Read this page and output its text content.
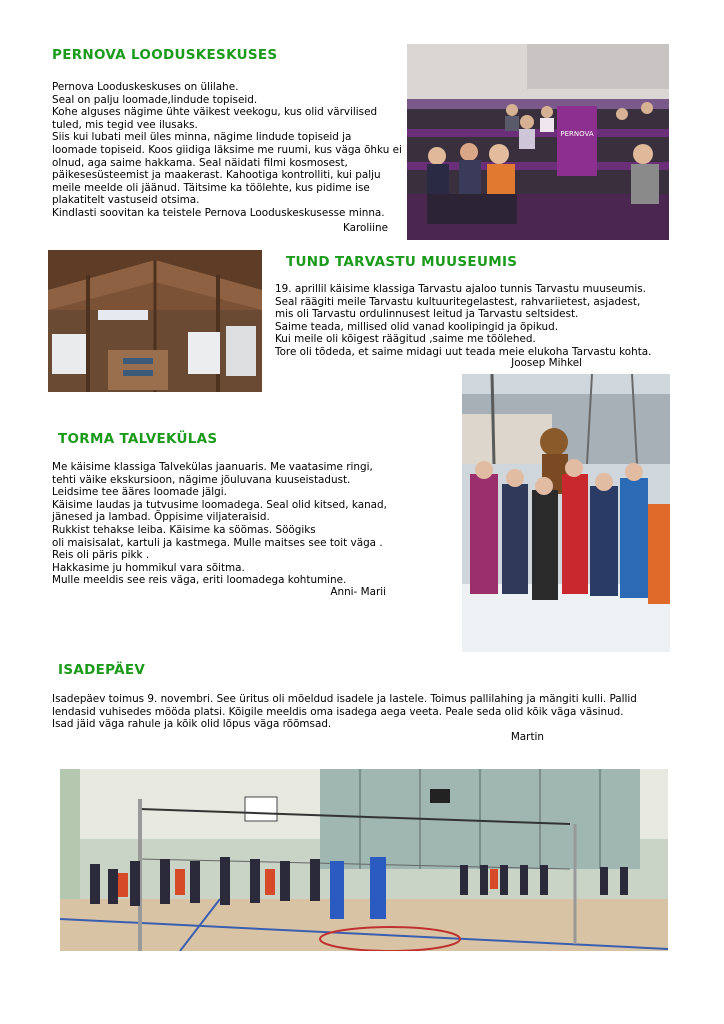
PERNOVA LOODUSKESKUSES

Pernova Looduskeskuses on ülilahe.

Seal on palju loomade,lindude topiseid.

Kohe alguses nägime ühte väikest veekogu, kus olid värvilised

tuled, mis tegid vee ilusaks.

Siis kui lubati meil üles minna, nägime lindude topiseid ja

loomade topiseid. Koos giidiga läksime me ruumi, kus väga õhku ei

olnud, aga saime hakkama. Seal näidati filmi kosmosest,

päikesesüsteemist ja maakerast. Kahootiga kontrolliti, kui palju

meile meelde oli jäänud. Täitsime ka töölehte, kus pidime ise

plakatitelt vastuseid otsima.

Kindlasti soovitan ka teistele Pernova Looduskeskusesse minna.

Karoliine
PERNOVA
TUND TARVASTU MUUSEUMIS

19. aprillil käisime klassiga Tarvastu ajaloo tunnis Tarvastu muuseumis.

Seal räägiti meile Tarvastu kultuuritegelastest, rahvariietest, asjadest,

mis oli Tarvastu ordulinnusest leitud ja Tarvastu seltsidest.

Saime teada, millised olid vanad koolipingid ja õpikud.

Kui meile oli kõigest räägitud ,saime me töölehed.

Tore oli tõdeda, et saime midagi uut teada meie elukoha Tarvastu kohta.

Joosep Mihkel
TORMA TALVEKÜLAS

Me käisime klassiga Talvekülas jaanuaris. Me vaatasime ringi,

tehti väike ekskursioon, nägime jõuluvana kuuseistadust.

Leidsime tee ääres loomade jälgi.

Käisime laudas ja tutvusime loomadega. Seal olid kitsed, kanad,

jänesed ja lambad. Õppisime viljateraisid.

Rukkist tehakse leiba. Käisime ka söömas. Söögiks

oli maisisalat, kartuli ja kastmega. Mulle maitses see toit väga .

Reis oli päris pikk .

Hakkasime ju hommikul vara sõitma.

Mulle meeldis see reis väga, eriti loomadega kohtumine.

Anni- Marii
ISADEPÄEV

Isadepäev toimus 9. novembri. See üritus oli mõeldud isadele ja lastele. Toimus pallilahing ja mängiti kulli. Pallid

lendasid vuhisedes mööda platsi. Kõigile meeldis oma isadega aega veeta. Peale seda olid kõik väga väsinud.

Isad jäid väga rahule ja kõik olid lõpus väga rõõmsad.

Martin
